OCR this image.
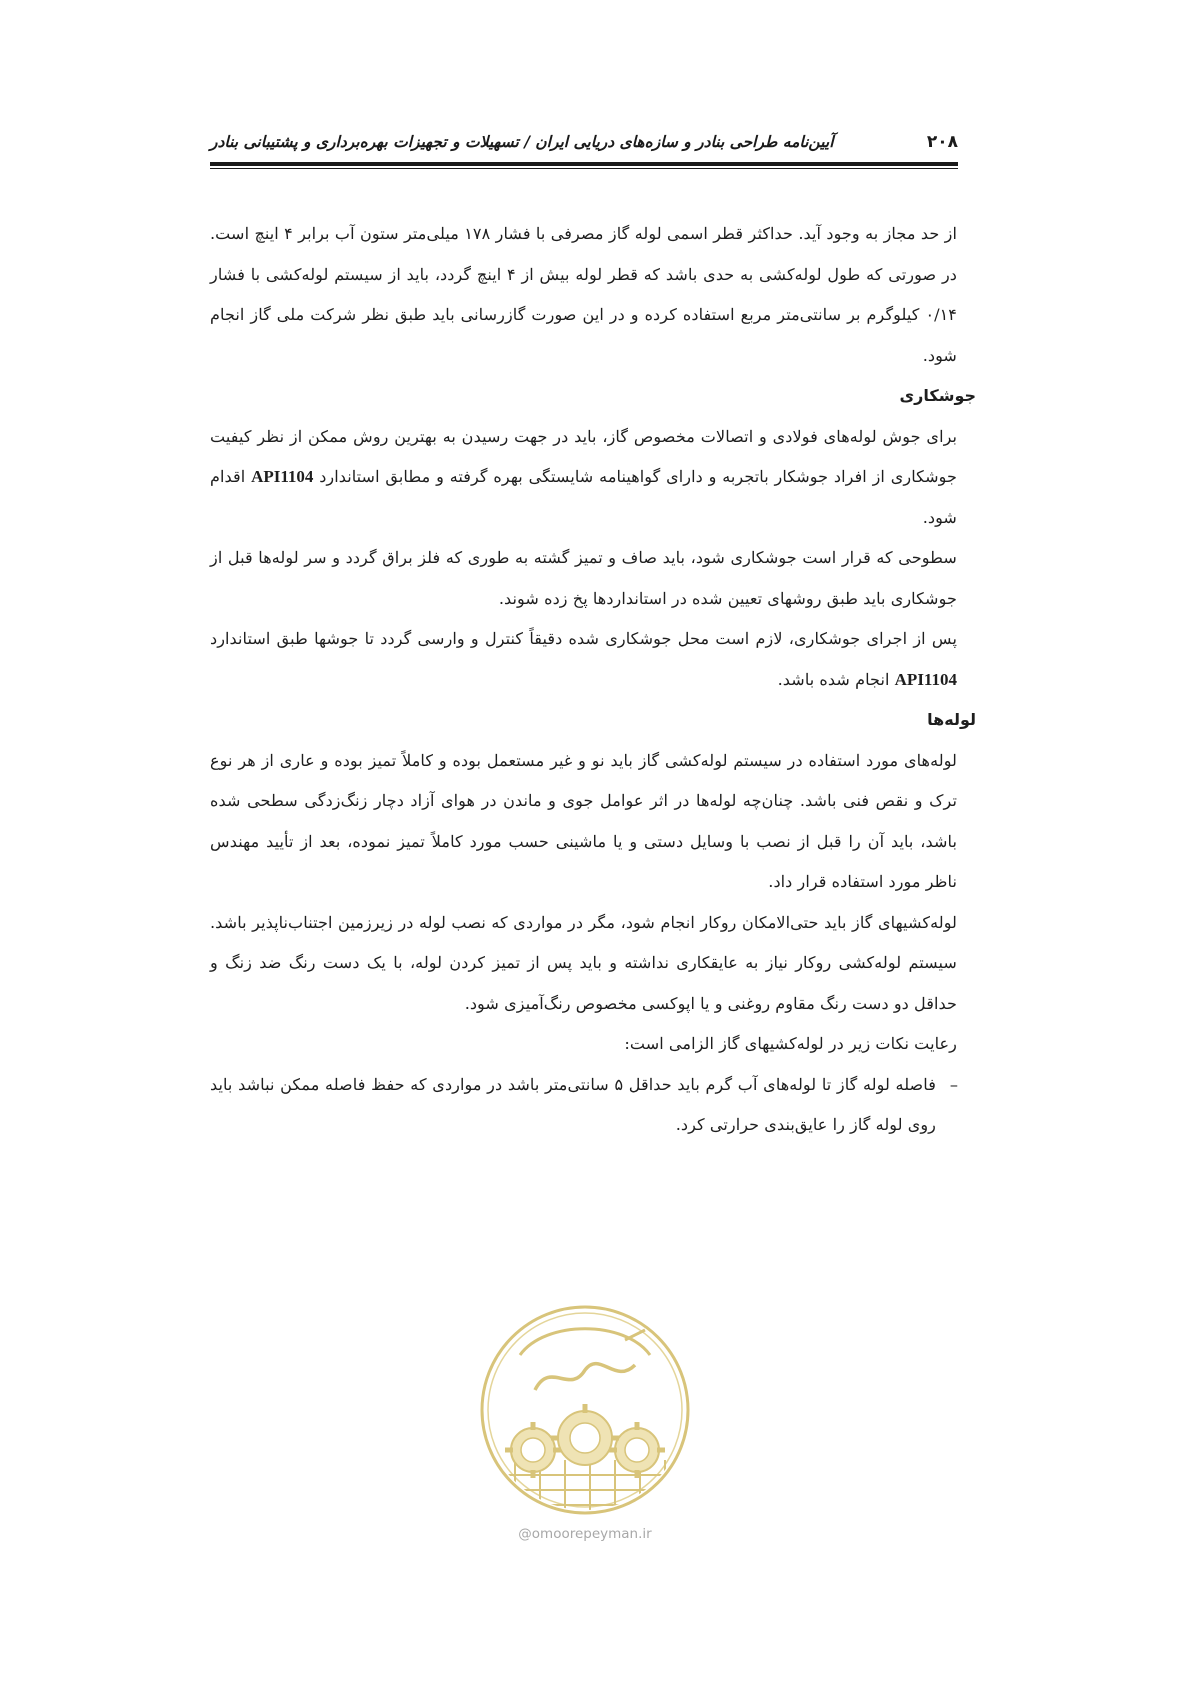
۲۰۸
آیین‌نامه طراحی بنادر و سازه‌های دریایی ایران / تسهیلات و تجهیزات بهره‌برداری و پشتیبانی بنادر

از حد مجاز به وجود آید. حداکثر قطر اسمی لوله گاز مصرفی با فشار ۱۷۸ میلی‌متر ستون آب برابر ۴ اینچ است. در صورتی که طول لوله‌کشی به حدی باشد که قطر لوله بیش از ۴ اینچ گردد، باید از سیستم لوله‌کشی با فشار ۰/۱۴ کیلوگرم بر سانتی‌متر مربع استفاده کرده و در این صورت گازرسانی باید طبق نظر شرکت ملی گاز انجام شود.

جوشکاری

برای جوش لوله‌های فولادی و اتصالات مخصوص گاز، باید در جهت رسیدن به بهترین روش ممکن از نظر کیفیت جوشکاری از افراد جوشکار باتجربه و دارای گواهینامه شایستگی بهره گرفته و مطابق استاندارد API1104 اقدام شود.

سطوحی که قرار است جوشکاری شود، باید صاف و تمیز گشته به طوری که فلز براق گردد و سر لوله‌ها قبل از جوشکاری باید طبق روشهای تعیین شده در استانداردها پخ زده شوند.

پس از اجرای جوشکاری، لازم است محل جوشکاری شده دقیقاً کنترل و وارسی گردد تا جوشها طبق استاندارد API1104 انجام شده باشد.

لوله‌ها

لوله‌های مورد استفاده در سیستم لوله‌کشی گاز باید نو و غیر مستعمل بوده و کاملاً تمیز بوده و عاری از هر نوع ترک و نقص فنی باشد. چنان‌چه لوله‌ها در اثر عوامل جوی و ماندن در هوای آزاد دچار زنگ‌زدگی سطحی شده باشد، باید آن را قبل از نصب با وسایل دستی و یا ماشینی حسب مورد کاملاً تمیز نموده، بعد از تأیید مهندس ناظر مورد استفاده قرار داد.

لوله‌کشیهای گاز باید حتی‌الامکان روکار انجام شود، مگر در مواردی که نصب لوله در زیرزمین اجتناب‌ناپذیر باشد. سیستم لوله‌کشی روکار نیاز به عایقکاری نداشته و باید پس از تمیز کردن لوله، با یک دست رنگ ضد زنگ و حداقل دو دست رنگ مقاوم روغنی و یا اپوکسی مخصوص رنگ‌آمیزی شود.

رعایت نکات زیر در لوله‌کشیهای گاز الزامی است:

–
فاصله لوله گاز تا لوله‌های آب گرم باید حداقل ۵ سانتی‌متر باشد در مواردی که حفظ فاصله ممکن نباشد باید روی لوله گاز را عایق‌بندی حرارتی کرد.

@omoorepeyman.ir
